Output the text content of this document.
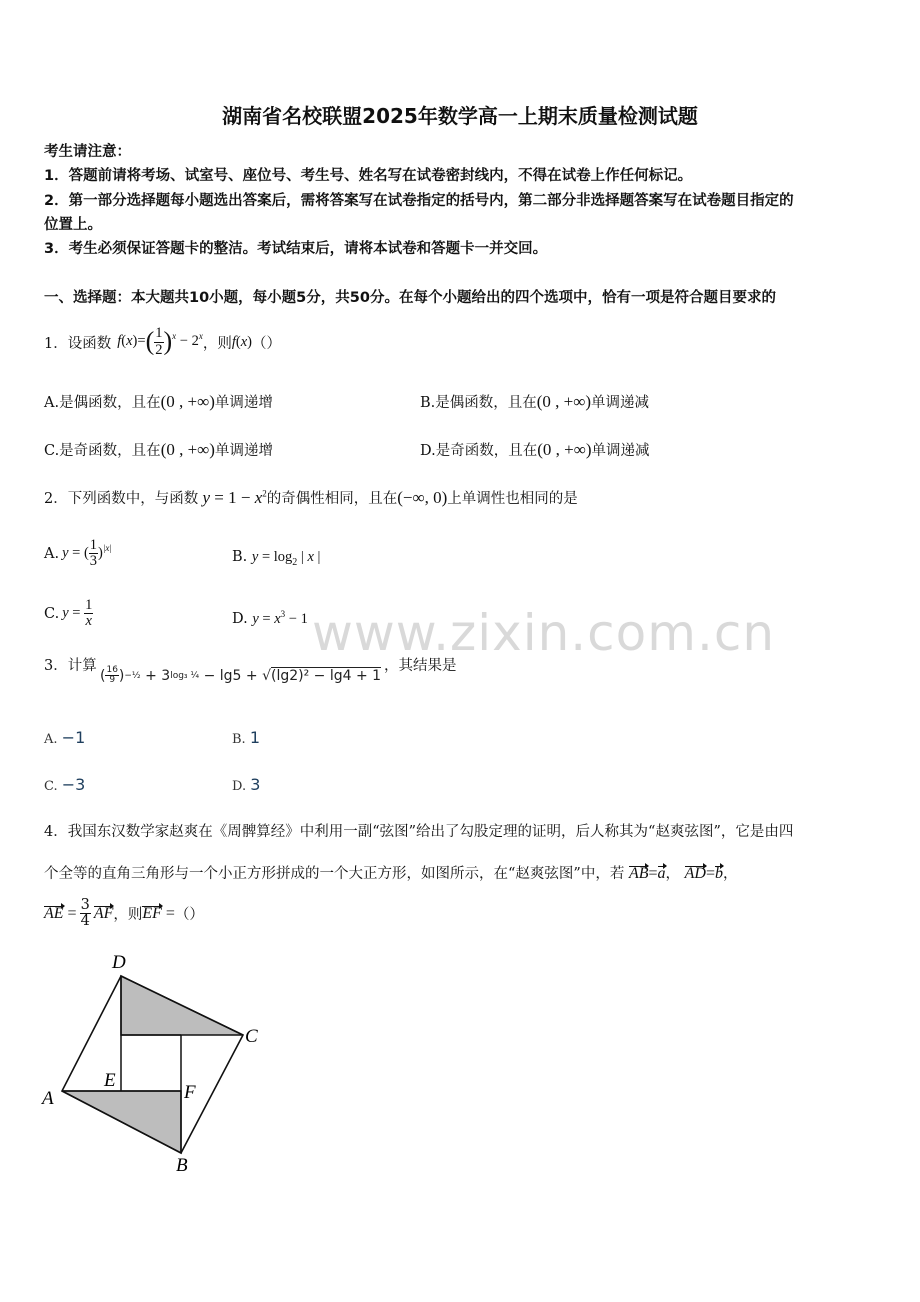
湖南省名校联盟2025年数学高一上期末质量检测试题
考生请注意：
1．答题前请将考场、试室号、座位号、考生号、姓名写在试卷密封线内，不得在试卷上作任何标记。
2．第一部分选择题每小题选出答案后，需将答案写在试卷指定的括号内，第二部分非选择题答案写在试卷题目指定的
位置上。
3．考生必须保证答题卡的整洁。考试结束后，请将本试卷和答题卡一并交回。
一、选择题：本大题共10小题，每小题5分，共50分。在每个小题给出的四个选项中，恰有一项是符合题目要求的
1．设函数 $f(x)=( \frac{1}{2} )^x - 2^x$ ，则 f(x) （）
A.是偶函数，且在(0 , +∞)单调递增	B.是偶函数，且在(0 , +∞)单调递减
C.是奇函数，且在(0 , +∞)单调递增	D.是奇函数，且在(0 , +∞)单调递减
2．下列函数中，与函数 $y = 1 - x^2$的奇偶性相同，且在(−∞, 0)上单调性也相同的是
A. y = ( $\frac{1}{3} )^{|x|}$
B. $y = \log_2$ | x |
C. $y = \frac{1}{x}$	D. $y = x^3 - 1$ www.zixin.com.cn
3．计算
( $\frac{16}{9}$ ) −½ + 3 log₃ ¼ − lg5 + √ (lg2)² − lg4 + 1
，其结果是
A. −1	B. 1
C. −3	D. 3
4．我国东汉数学家赵爽在《周髀算经》中利用一副“弦图”给出了勾股定理的证明，后人称其为“赵爽弦图”，它是由四
个全等的直角三角形与一个小正方形拼成的一个大正方形，如图所示，在“赵爽弦图”中，若 AB=a， AD=b，
AE = $\frac{3}{4}$ AF ，则 EF = （）
D
C
A
E
F
B
